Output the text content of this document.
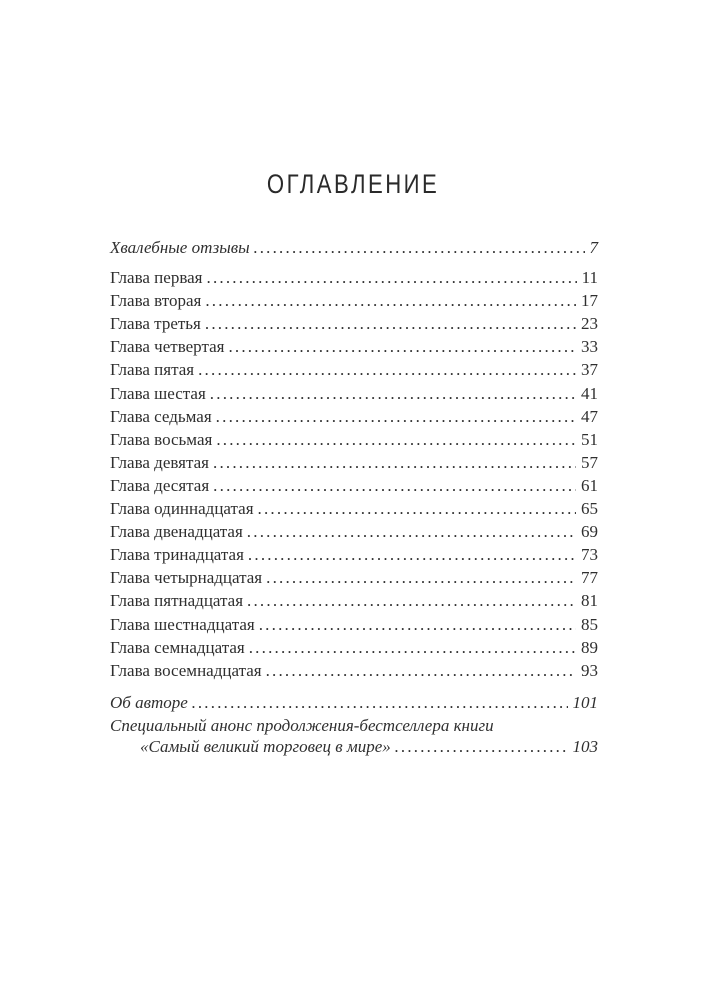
ОГЛАВЛЕНИЕ
Хвалебные отзывы .....	7
Глава первая .....	11
Глава вторая .....	17
Глава третья .....	23
Глава четвертая .....	33
Глава пятая .....	37
Глава шестая .....	41
Глава седьмая .....	47
Глава восьмая .....	51
Глава девятая .....	57
Глава десятая .....	61
Глава одиннадцатая .....	65
Глава двенадцатая .....	69
Глава тринадцатая .....	73
Глава четырнадцатая .....	77
Глава пятнадцатая .....	81
Глава шестнадцатая .....	85
Глава семнадцатая .....	89
Глава восемнадцатая .....	93
Об авторе .....	101
Специальный анонс продолжения-бестселлера книги
«Самый великий торговец в мире» .....	103
